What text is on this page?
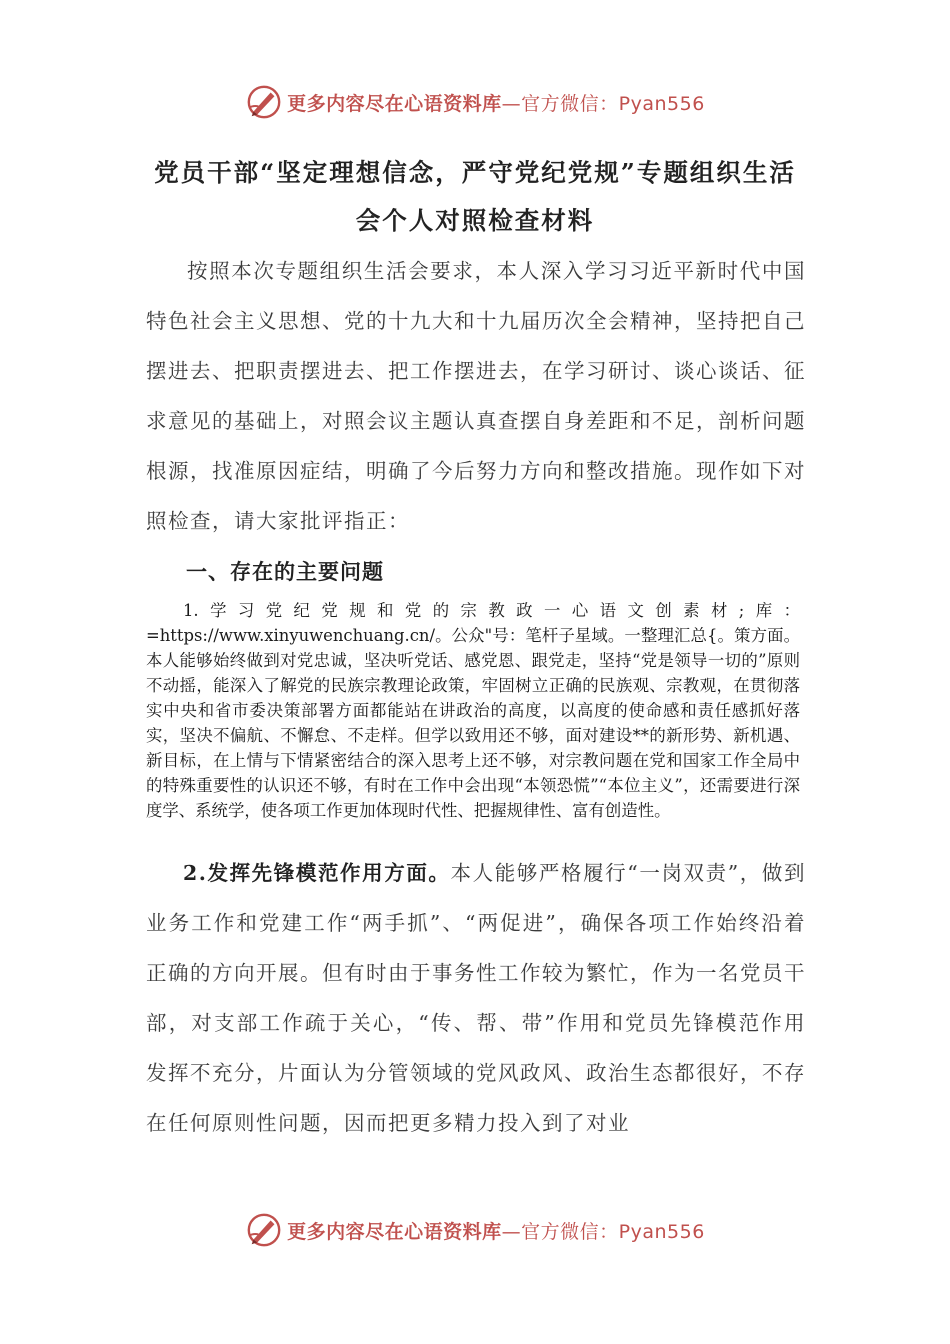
更多内容尽在心语资料库—官方微信：Pyan556
党员干部“坚定理想信念，严守党纪党规”专题组织生活
会个人对照检查材料

按照本次专题组织生活会要求，本人深入学习习近平新时代中国特色社会主义思想、党的十九大和十九届历次全会精神，坚持把自己摆进去、把职责摆进去、把工作摆进去，在学习研讨、谈心谈话、征求意见的基础上，对照会议主题认真查摆自身差距和不足，剖析问题根源，找准原因症结，明确了今后努力方向和整改措施。现作如下对照检查，请大家批评指正：

一、存在的主要问题

1.学习党纪党规和党的宗教政一心语文创素材;库：=https://www.xinyuwenchuang.cn/。公众"号：笔杆子星域。一整理汇总{。策方面。本人能够始终做到对党忠诚，坚决听党话、感党恩、跟党走，坚持“党是领导一切的”原则不动摇，能深入了解党的民族宗教理论政策，牢固树立正确的民族观、宗教观，在贯彻落实中央和省市委决策部署方面都能站在讲政治的高度，以高度的使命感和责任感抓好落实，坚决不偏航、不懈怠、不走样。但学以致用还不够，面对建设**的新形势、新机遇、新目标，在上情与下情紧密结合的深入思考上还不够，对宗教问题在党和国家工作全局中的特殊重要性的认识还不够，有时在工作中会出现“本领恐慌”“本位主义”，还需要进行深度学、系统学，使各项工作更加体现时代性、把握规律性、富有创造性。

2.发挥先锋模范作用方面。本人能够严格履行“一岗双责”，做到业务工作和党建工作“两手抓”、“两促进”，确保各项工作始终沿着正确的方向开展。但有时由于事务性工作较为繁忙，作为一名党员干部，对支部工作疏于关心，“传、帮、带”作用和党员先锋模范作用发挥不充分，片面认为分管领域的党风政风、政治生态都很好，不存在任何原则性问题，因而把更多精力投入到了对业

更多内容尽在心语资料库—官方微信：Pyan556
